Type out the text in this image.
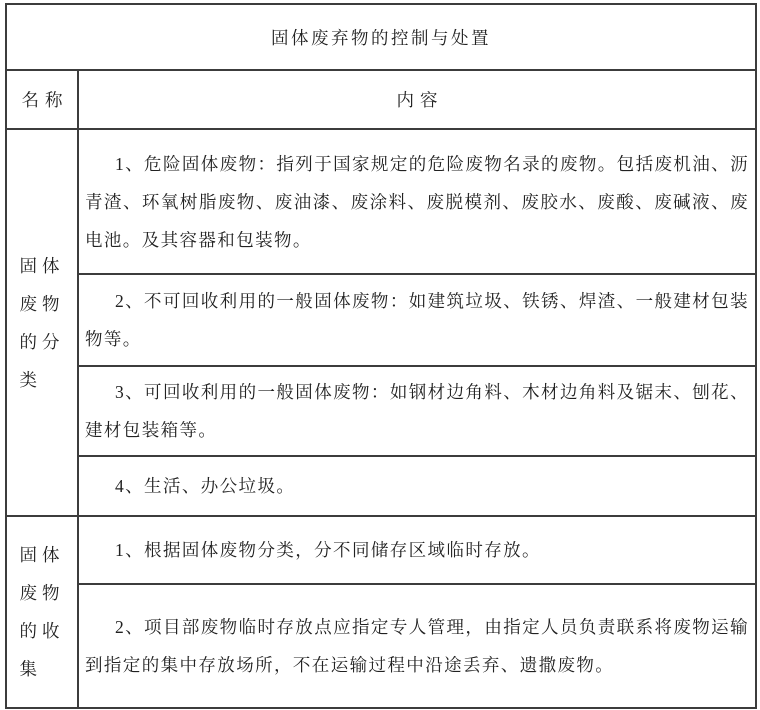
固体废弃物的控制与处置
名称	内容
固体
废物
的分
类

1、危险固体废物：指列于国家规定的危险废物名录的废物。包括废机油、沥青渣、环氧树脂废物、废油漆、废涂料、废脱模剂、废胶水、废酸、废碱液、废电池。及其容器和包装物。

2、不可回收利用的一般固体废物：如建筑垃圾、铁锈、焊渣、一般建材包装物等。

3、可回收利用的一般固体废物：如钢材边角料、木材边角料及锯末、刨花、建材包装箱等。

4、生活、办公垃圾。

固体
废物
的收
集

1、根据固体废物分类，分不同储存区域临时存放。

2、项目部废物临时存放点应指定专人管理，由指定人员负责联系将废物运输到指定的集中存放场所，不在运输过程中沿途丢弃、遗撒废物。
